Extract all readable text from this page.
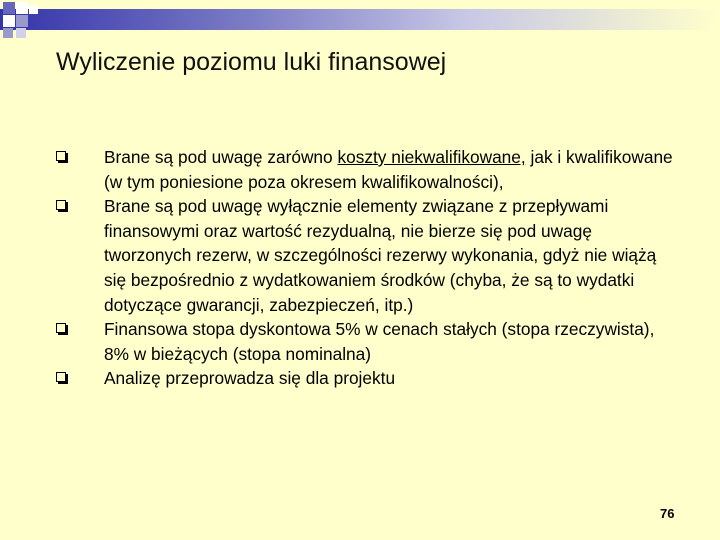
Wyliczenie poziomu luki finansowej
Brane są pod uwagę zarówno koszty niekwalifikowane, jak i kwalifikowane (w tym poniesione poza okresem kwalifikowalności),
Brane są pod uwagę wyłącznie elementy związane z przepływami finansowymi oraz wartość rezydualną, nie bierze się pod uwagę tworzonych rezerw, w szczególności rezerwy wykonania, gdyż nie wiążą się bezpośrednio z wydatkowaniem środków (chyba, że są to wydatki dotyczące gwarancji, zabezpieczeń, itp.)
Finansowa stopa dyskontowa 5% w cenach stałych (stopa rzeczywista), 8% w bieżących (stopa nominalna)
Analizę przeprowadza się dla projektu
76
